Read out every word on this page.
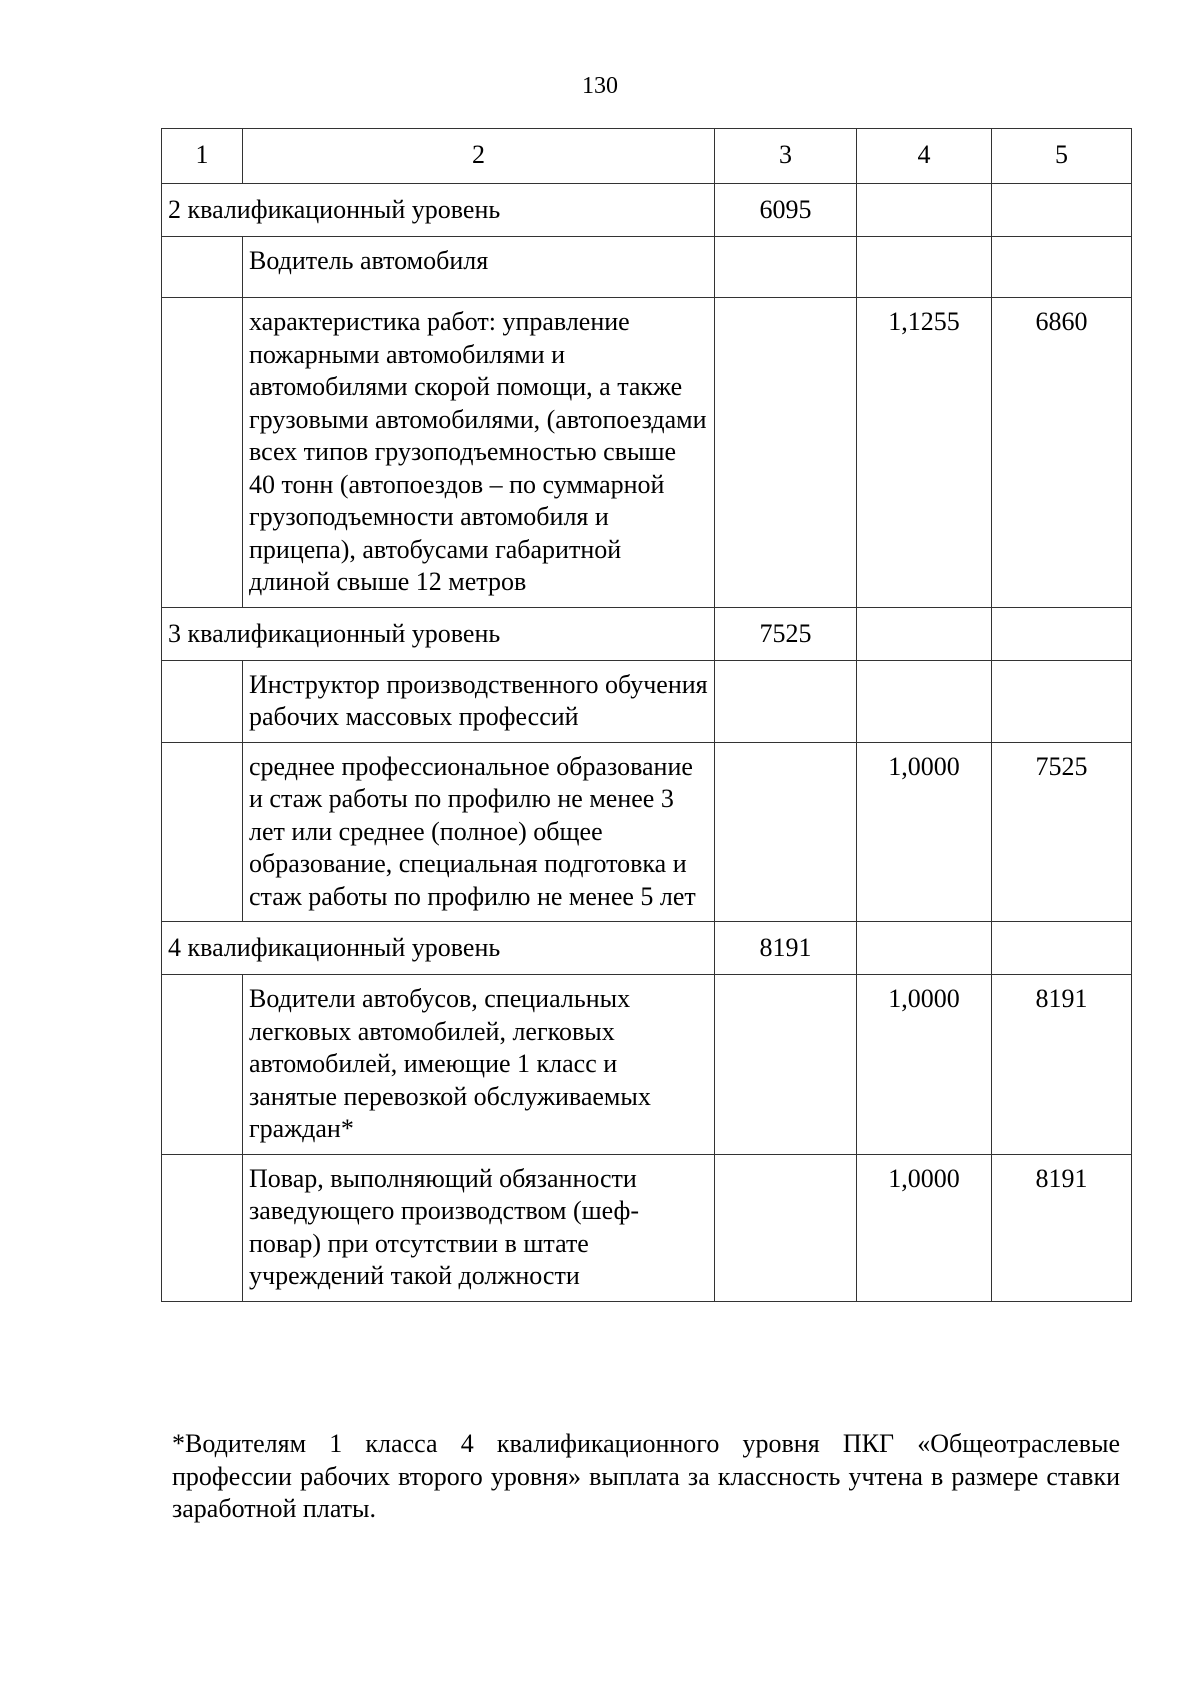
130
1	2	3	4	5
2 квалификационный уровень		6095		
	Водитель автомобиля			
	характеристика работ: управление пожарными автомобилями и автомобилями скорой помощи, а также грузовыми автомобилями, (автопоездами всех типов грузоподъемностью свыше 40 тонн (автопоездов – по суммарной грузоподъемности автомобиля и прицепа), автобусами габаритной длиной свыше 12 метров		1,1255	6860
3 квалификационный уровень		7525		
	Инструктор производственного обучения рабочих массовых профессий			
	среднее профессиональное образование и стаж работы по профилю не менее 3 лет или среднее (полное) общее образование, специальная подготовка и стаж работы по профилю не менее 5 лет		1,0000	7525
4 квалификационный уровень		8191		
	Водители автобусов, специальных легковых автомобилей, легковых автомобилей, имеющие 1 класс и занятые перевозкой обслуживаемых граждан*		1,0000	8191
	Повар, выполняющий обязанности заведующего производством (шеф-повар) при отсутствии в штате учреждений такой должности		1,0000	8191
*Водителям 1 класса 4 квалификационного уровня ПКГ «Общеотраслевые профессии рабочих второго уровня» выплата за классность учтена в размере ставки заработной платы.
